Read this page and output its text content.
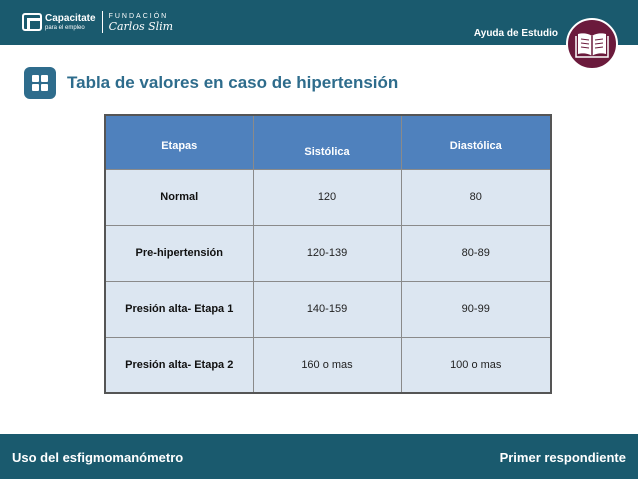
Capacitate
para el empleo
FUNDACIÓN
Carlos Slim
Ayuda de Estudio
Tabla de valores en caso de hipertensión
Etapas	Sistólica	Diastólica
Normal	120	80
Pre-hipertensión	120-139	80-89
Presión alta- Etapa 1	140-159	90-99
Presión alta- Etapa 2	160 o mas	100 o mas
Uso del esfigmomanómetro	Primer respondiente
